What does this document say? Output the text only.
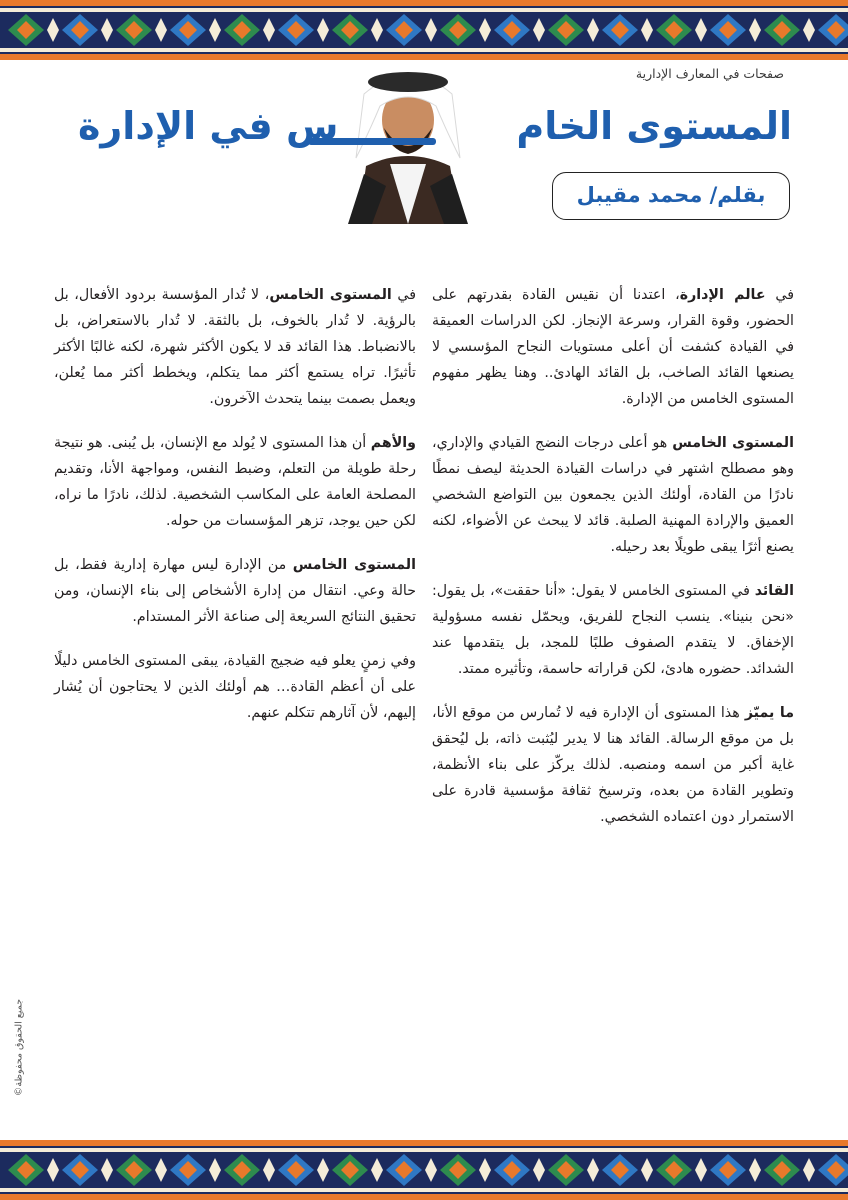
صفحات في المعارف الإدارية
المستوى الخام
س في الإدارة
بقلم/ محمد مقيبل

في عالم الإدارة، اعتدنا أن نقيس القادة بقدرتهم على الحضور، وقوة القرار، وسرعة الإنجاز. لكن الدراسات العميقة في القيادة كشفت أن أعلى مستويات النجاح المؤسسي لا يصنعها القائد الصاخب، بل القائد الهادئ.. وهنا يظهر مفهوم المستوى الخامس من الإدارة.

المستوى الخامس هو أعلى درجات النضج القيادي والإداري، وهو مصطلح اشتهر في دراسات القيادة الحديثة ليصف نمطًا نادرًا من القادة، أولئك الذين يجمعون بين التواضع الشخصي العميق والإرادة المهنية الصلبة. قائد لا يبحث عن الأضواء، لكنه يصنع أثرًا يبقى طويلًا بعد رحيله.

القائد في المستوى الخامس لا يقول: «أنا حققت»، بل يقول: «نحن بنينا». ينسب النجاح للفريق، ويحمّل نفسه مسؤولية الإخفاق. لا يتقدم الصفوف طلبًا للمجد، بل يتقدمها عند الشدائد. حضوره هادئ، لكن قراراته حاسمة، وتأثيره ممتد.

ما يميّز هذا المستوى أن الإدارة فيه لا تُمارس من موقع الأنا، بل من موقع الرسالة. القائد هنا لا يدير ليُثبت ذاته، بل ليُحقق غاية أكبر من اسمه ومنصبه. لذلك يركّز على بناء الأنظمة، وتطوير القادة من بعده، وترسيخ ثقافة مؤسسية قادرة على الاستمرار دون اعتماده الشخصي.

في المستوى الخامس، لا تُدار المؤسسة بردود الأفعال، بل بالرؤية. لا تُدار بالخوف، بل بالثقة. لا تُدار بالاستعراض، بل بالانضباط. هذا القائد قد لا يكون الأكثر شهرة، لكنه غالبًا الأكثر تأثيرًا. تراه يستمع أكثر مما يتكلم، ويخطط أكثر مما يُعلن، ويعمل بصمت بينما يتحدث الآخرون.

والأهم أن هذا المستوى لا يُولد مع الإنسان، بل يُبنى. هو نتيجة رحلة طويلة من التعلم، وضبط النفس، ومواجهة الأنا، وتقديم المصلحة العامة على المكاسب الشخصية. لذلك، نادرًا ما نراه، لكن حين يوجد، تزهر المؤسسات من حوله.

المستوى الخامس من الإدارة ليس مهارة إدارية فقط، بل حالة وعي. انتقال من إدارة الأشخاص إلى بناء الإنسان، ومن تحقيق النتائج السريعة إلى صناعة الأثر المستدام.

وفي زمنٍ يعلو فيه ضجيج القيادة، يبقى المستوى الخامس دليلًا على أن أعظم القادة… هم أولئك الذين لا يحتاجون أن يُشار إليهم، لأن آثارهم تتكلم عنهم.

جميع الحقوق محفوظة©
